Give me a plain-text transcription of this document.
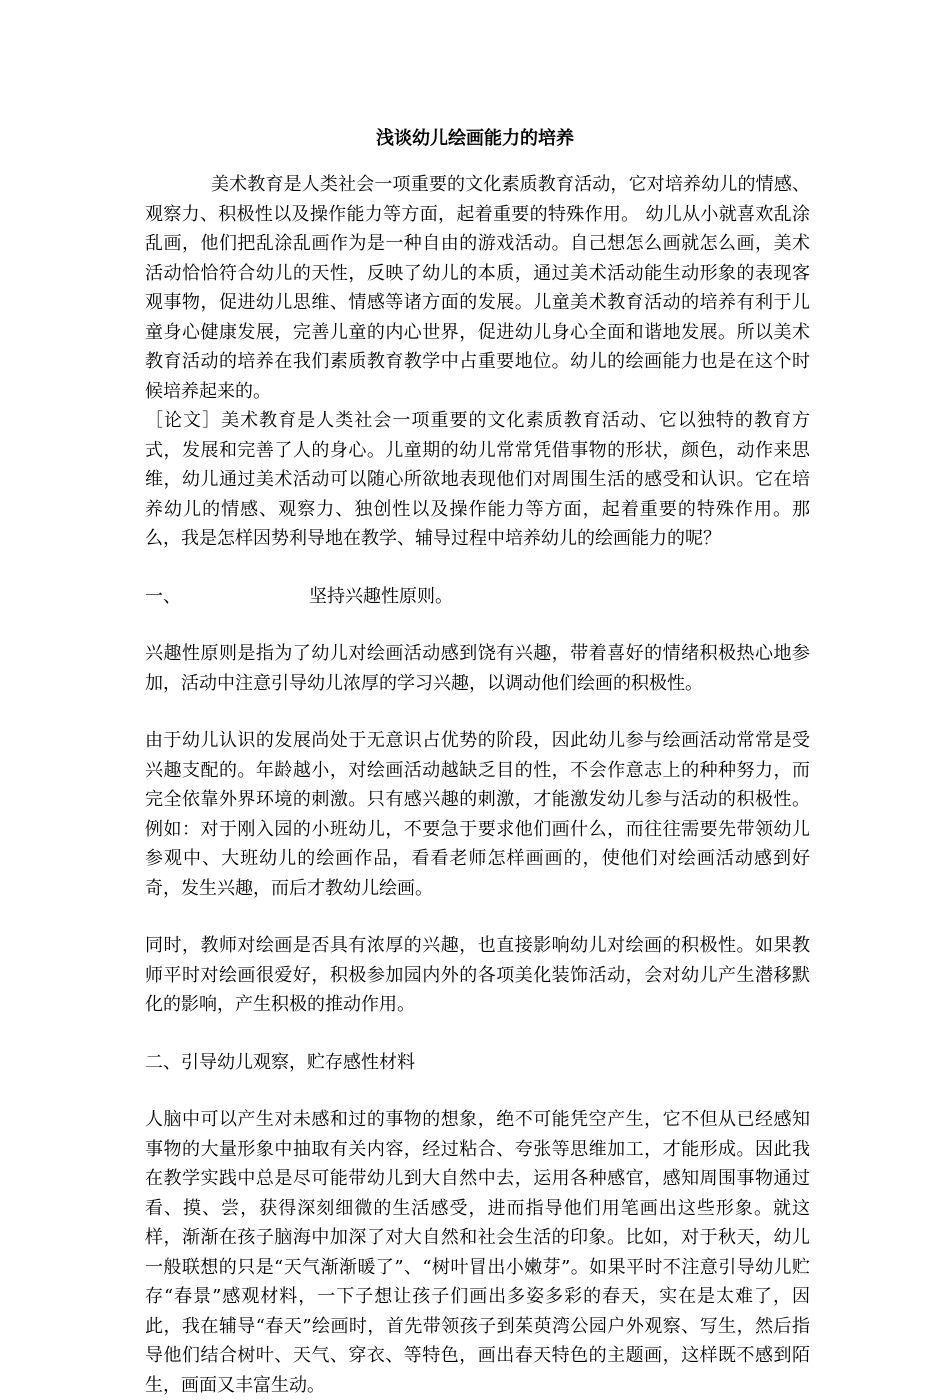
浅谈幼儿绘画能力的培养

美术教育是人类社会一项重要的文化素质教育活动，它对培养幼儿的情感、观察力、积极性以及操作能力等方面，起着重要的特殊作用。 幼儿从小就喜欢乱涂乱画，他们把乱涂乱画作为是一种自由的游戏活动。自己想怎么画就怎么画，美术活动恰恰符合幼儿的天性，反映了幼儿的本质，通过美术活动能生动形象的表现客观事物，促进幼儿思维、情感等诸方面的发展。儿童美术教育活动的培养有利于儿童身心健康发展，完善儿童的内心世界，促进幼儿身心全面和谐地发展。所以美术教育活动的培养在我们素质教育教学中占重要地位。幼儿的绘画能力也是在这个时候培养起来的。

［论文］美术教育是人类社会一项重要的文化素质教育活动、它以独特的教育方式，发展和完善了人的身心。儿童期的幼儿常常凭借事物的形状，颜色，动作来思维，幼儿通过美术活动可以随心所欲地表现他们对周围生活的感受和认识。它在培养幼儿的情感、观察力、独创性以及操作能力等方面，起着重要的特殊作用。那么，我是怎样因势利导地在教学、辅导过程中培养幼儿的绘画能力的呢？

一、	坚持兴趣性原则。

兴趣性原则是指为了幼儿对绘画活动感到饶有兴趣，带着喜好的情绪积极热心地参加，活动中注意引导幼儿浓厚的学习兴趣，以调动他们绘画的积极性。

由于幼儿认识的发展尚处于无意识占优势的阶段，因此幼儿参与绘画活动常常是受兴趣支配的。年龄越小，对绘画活动越缺乏目的性，不会作意志上的种种努力，而完全依靠外界环境的刺激。只有感兴趣的刺激，才能激发幼儿参与活动的积极性。例如：对于刚入园的小班幼儿，不要急于要求他们画什么，而往往需要先带领幼儿参观中、大班幼儿的绘画作品，看看老师怎样画画的，使他们对绘画活动感到好奇，发生兴趣，而后才教幼儿绘画。

同时，教师对绘画是否具有浓厚的兴趣，也直接影响幼儿对绘画的积极性。如果教师平时对绘画很爱好，积极参加园内外的各项美化装饰活动，会对幼儿产生潜移默化的影响，产生积极的推动作用。

二、引导幼儿观察，贮存感性材料

人脑中可以产生对未感和过的事物的想象，绝不可能凭空产生，它不但从已经感知事物的大量形象中抽取有关内容，经过粘合、夸张等思维加工，才能形成。因此我在教学实践中总是尽可能带幼儿到大自然中去，运用各种感官，感知周围事物通过看、摸、尝，获得深刻细微的生活感受，进而指导他们用笔画出这些形象。就这样，渐渐在孩子脑海中加深了对大自然和社会生活的印象。比如，对于秋天，幼儿一般联想的只是“天气渐渐暖了”、“树叶冒出小嫩芽”。如果平时不注意引导幼儿贮存“春景”感观材料，一下子想让孩子们画出多姿多彩的春天，实在是太难了，因此，我在辅导“春天”绘画时，首先带领孩子到茱萸湾公园户外观察、写生，然后指导他们结合树叶、天气、穿衣、等特色，画出春天特色的主题画，这样既不感到陌生，画面又丰富生动。
